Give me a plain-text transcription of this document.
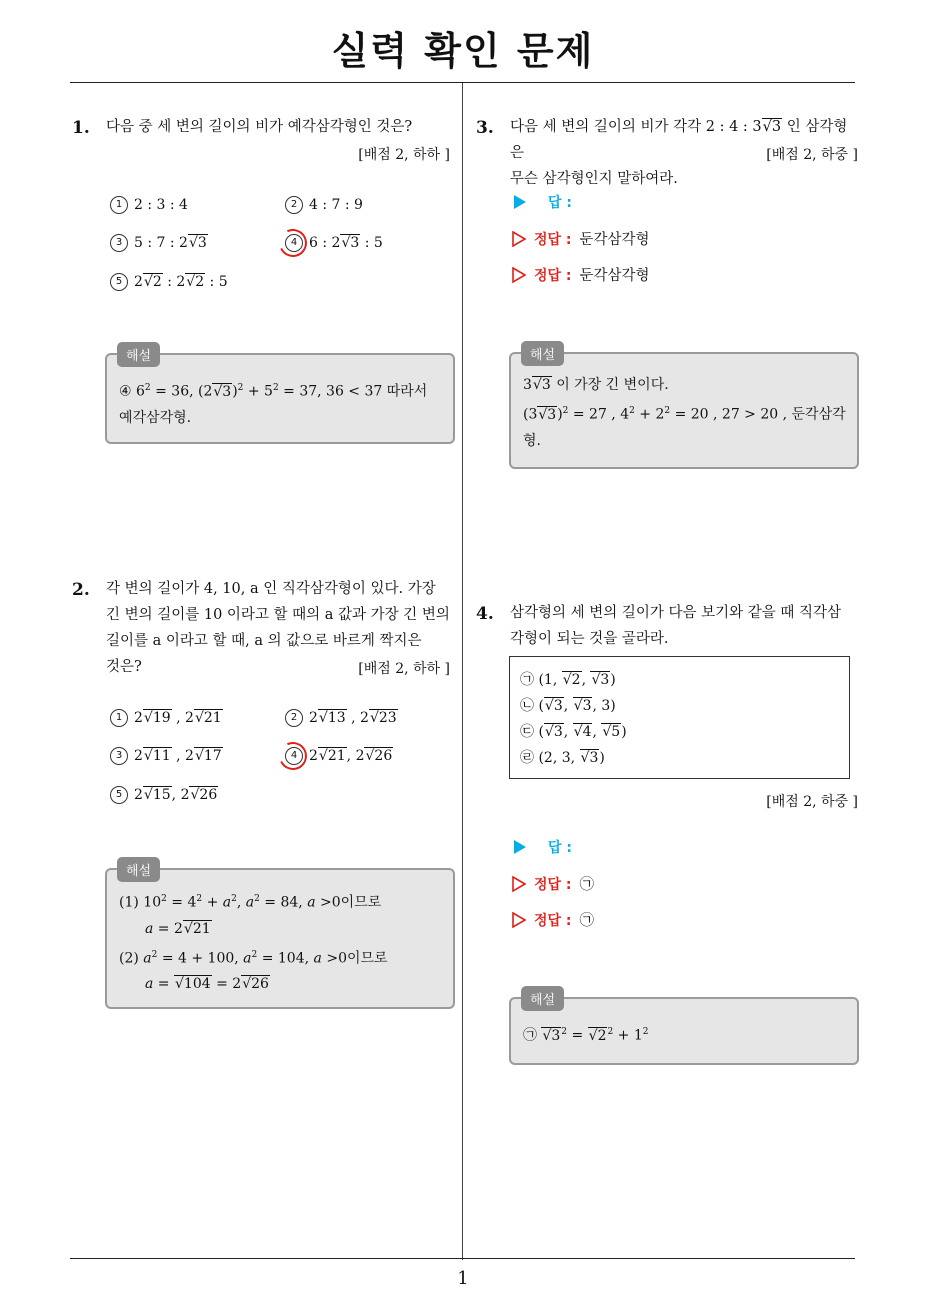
실력 확인 문제
1. 다음 중 세 변의 길이의 비가 예각삼각형인 것은?
[배점 2, 하하 ]
1 2 : 3 : 4	2 4 : 7 : 9
3 5 : 7 : 2√3	4 6 : 2√3 : 5
5 2√2 : 2√2 : 5
④ $6^2 = 36$, $(2√3)^2 + 5^2 = 37$, 36 < 37 따라서
예각삼각형.
해설
2. 각 변의 길이가 4, 10, a 인 직각삼각형이 있다. 가장
긴 변의 길이를 10 이라고 할 때의 a 값과 가장 긴 변의
길이를 a 이라고 할 때, a 의 값으로 바르게 짝지은
것은?	[배점 2, 하하 ]
1 2√19 , 2√21	2 2√13 , 2√23
3 2√11 , 2√17	4 2√21, 2√26
5 2√15, 2√26
(1) $10^2 = 4^2 + a^2$, $a^2 = 84$, a >0이므로
a = 2√21
(2) $a^2 = 4 + 100$, $a^2 = 104$, a >0이므로
a = √104 = 2√26
해설
3. 다음 세 변의 길이의 비가 각각 2 : 4 : 3√3 인 삼각형은
무슨 삼각형인지 말하여라.
[배점 2, 하중 ]
답 :
정답 : 둔각삼각형
정답 : 둔각삼각형
3√3 이 가장 긴 변이다.
$(3√3)^2 = 27$ , $4^2 + 2^2 = 20$ , 27 > 20 , 둔각삼각
형.
해설
4. 삼각형의 세 변의 길이가 다음 보기와 같을 때 직각삼
각형이 되는 것을 골라라.
㉠ (1, √2, √3)
㉡ (√3, √3, 3)
㉢ (√3, √4, √5)
㉣ (2, 3, √3)
[배점 2, 하중 ]
답 :
정답 : ㉠
정답 : ㉠
㉠ $√3^2 = √2^2 + 1^2$
해설
1
